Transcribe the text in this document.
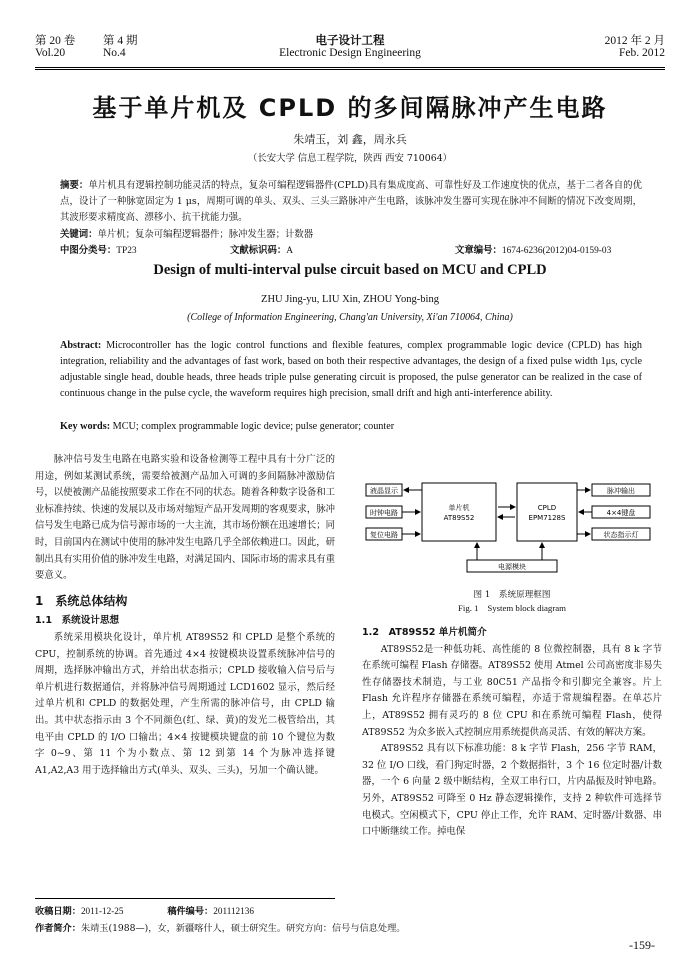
第 20 卷 第 4 期
Vol.20	No.4
电子设计工程
Electronic Design Engineering
2012 年 2 月
Feb. 2012
基于单片机及 CPLD 的多间隔脉冲产生电路
朱靖玉，刘 鑫，周永兵
（长安大学 信息工程学院，陕西 西安 710064）
摘要：单片机具有逻辑控制功能灵活的特点，复杂可编程逻辑器件(CPLD)具有集成度高、可靠性好及工作速度快的优点，基于二者各自的优点，设计了一种脉宽固定为 1 μs，周期可调的单头、双头、三头三路脉冲产生电路，该脉冲发生器可实现在脉冲不间断的情况下改变周期，其波形要求精度高、漂移小、抗干扰能力强。
关键词：单片机；复杂可编程逻辑器件；脉冲发生器；计数器
中图分类号：TP23	文献标识码：A	文章编号：1674-6236(2012)04-0159-03
Design of multi-interval pulse circuit based on MCU and CPLD
ZHU Jing-yu, LIU Xin, ZHOU Yong-bing
(College of Information Engineering, Chang'an University, Xi'an 710064, China)
Abstract: Microcontroller has the logic control functions and flexible features, complex programmable logic device (CPLD) has high integration, reliability and the advantages of fast work, based on both their respective advantages, the design of a fixed pulse width 1μs, cycle adjustable single head, double heads, three heads triple pulse generating circuit is proposed, the pulse generator can be realized in the case of continuous change in the pulse cycle, the waveform requires high precision, small drift and high anti-interference ability.
Key words: MCU; complex programmable logic device; pulse generator; counter

脉冲信号发生电路在电路实验和设备检测等工程中具有十分广泛的用途，例如某测试系统，需要给被测产品加入可调的多间隔脉冲激励信号，以使被测产品能按照要求工作在不同的状态。随着各种数字设备和工业标准持续、快速的发展以及市场对缩短产品开发周期的客观要求，脉冲信号发生电路已成为信号源市场的一大主流，其市场份额在迅速增长；同时，目前国内在测试中使用的脉冲发生电路几乎全部依赖进口。因此，研制出具有实用价值的脉冲发生电路，对满足国内、国际市场的需求具有重要意义。

1　系统总体结构
1.1　系统设计思想

系统采用模块化设计，单片机 AT89S52 和 CPLD 是整个系统的 CPU，控制系统的协调。首先通过 4×4 按键模块设置系统脉冲信号的周期，选择脉冲输出方式，并给出状态指示；CPLD 接收输入信号后与单片机进行数据通信，并将脉冲信号周期通过 LCD1602 显示，然后经过单片机和 CPLD 的数据处理，产生所需的脉冲信号，由 CPLD 输出。其中状态指示由 3 个不同颜色(红、绿、黄)的发光二极管给出，其电平由 CPLD 的 I/O 口输出；4×4 按键模块键盘的前 10 个键位为数字 0~9、第 11 个为小数点、第 12 到第 14 个为脉冲选择键 A1,A2,A3 用于选择输出方式(单头、双头、三头)，另加一个确认键。

收稿日期：2011-12-25	稿件编号：201112136
作者简介：朱靖玉(1988—)，女，新疆喀什人，硕士研究生。研究方向：信号与信息处理。
液晶显示
时钟电路
复位电路
单片机
AT89S52
CPLD
EPM7128S
脉冲输出
4×4键盘
状态指示灯
电源模块
图 1　系统原理框图
Fig. 1　System block diagram
1.2　AT89S52 单片机简介

AT89S52是一种低功耗、高性能的 8 位微控制器，具有 8 k 字节在系统可编程 Flash 存储器。AT89S52 使用 Atmel 公司高密度非易失性存储器技术制造，与工业 80C51 产品指令和引脚完全兼容。片上 Flash 允许程序存储器在系统可编程，亦适于常规编程器。在单芯片上，AT89S52 拥有灵巧的 8 位 CPU 和在系统可编程 Flash，使得 AT89S52 为众多嵌入式控制应用系统提供高灵活、有效的解决方案。

AT89S52 具有以下标准功能：8 k 字节 Flash，256 字节 RAM，32 位 I/O 口线，看门狗定时器，2 个数据指针，3 个 16 位定时器/计数器，一个 6 向量 2 级中断结构，全双工串行口，片内晶振及时钟电路。另外，AT89S52 可降至 0 Hz 静态逻辑操作，支持 2 种软件可选择节电模式。空闲模式下，CPU 停止工作，允许 RAM、定时器/计数器、串口中断继续工作。掉电保

-159-
